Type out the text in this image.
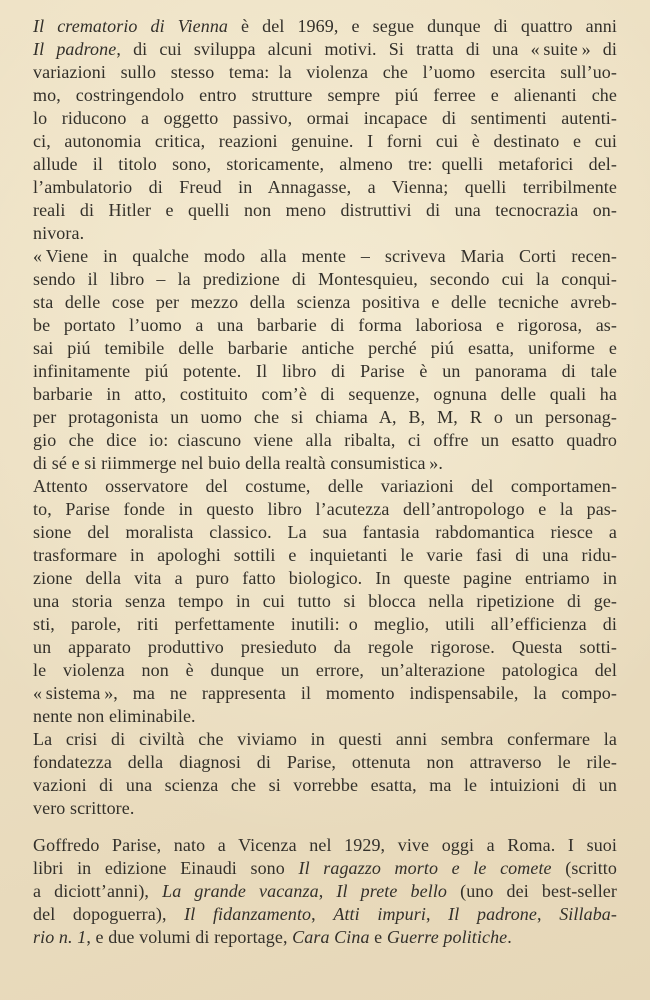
Il crematorio di Vienna è del 1969, e segue dunque di quattro anni
Il padrone, di cui sviluppa alcuni motivi. Si tratta di una « suite » di
variazioni sullo stesso tema: la violenza che l’uomo esercita sull’uo-
mo, costringendolo entro strutture sempre piú ferree e alienanti che
lo riducono a oggetto passivo, ormai incapace di sentimenti autenti-
ci, autonomia critica, reazioni genuine. I forni cui è destinato e cui
allude il titolo sono, storicamente, almeno tre: quelli metaforici del-
l’ambulatorio di Freud in Annagasse, a Vienna; quelli terribilmente
reali di Hitler e quelli non meno distruttivi di una tecnocrazia on-
nivora.
« Viene in qualche modo alla mente – scriveva Maria Corti recen-
sendo il libro – la predizione di Montesquieu, secondo cui la conqui-
sta delle cose per mezzo della scienza positiva e delle tecniche avreb-
be portato l’uomo a una barbarie di forma laboriosa e rigorosa, as-
sai piú temibile delle barbarie antiche perché piú esatta, uniforme e
infinitamente piú potente. Il libro di Parise è un panorama di tale
barbarie in atto, costituito com’è di sequenze, ognuna delle quali ha
per protagonista un uomo che si chiama A, B, M, R o un personag-
gio che dice io: ciascuno viene alla ribalta, ci offre un esatto quadro
di sé e si riimmerge nel buio della realtà consumistica ».
Attento osservatore del costume, delle variazioni del comportamen-
to, Parise fonde in questo libro l’acutezza dell’antropologo e la pas-
sione del moralista classico. La sua fantasia rabdomantica riesce a
trasformare in apologhi sottili e inquietanti le varie fasi di una ridu-
zione della vita a puro fatto biologico. In queste pagine entriamo in
una storia senza tempo in cui tutto si blocca nella ripetizione di ge-
sti, parole, riti perfettamente inutili: o meglio, utili all’efficienza di
un apparato produttivo presieduto da regole rigorose. Questa sotti-
le violenza non è dunque un errore, un’alterazione patologica del
« sistema », ma ne rappresenta il momento indispensabile, la compo-
nente non eliminabile.
La crisi di civiltà che viviamo in questi anni sembra confermare la
fondatezza della diagnosi di Parise, ottenuta non attraverso le rile-
vazioni di una scienza che si vorrebbe esatta, ma le intuizioni di un
vero scrittore.
Goffredo Parise, nato a Vicenza nel 1929, vive oggi a Roma. I suoi
libri in edizione Einaudi sono Il ragazzo morto e le comete (scritto
a diciott’anni), La grande vacanza, Il prete bello (uno dei best-seller
del dopoguerra), Il fidanzamento, Atti impuri, Il padrone, Sillaba-
rio n. 1, e due volumi di reportage, Cara Cina e Guerre politiche.
